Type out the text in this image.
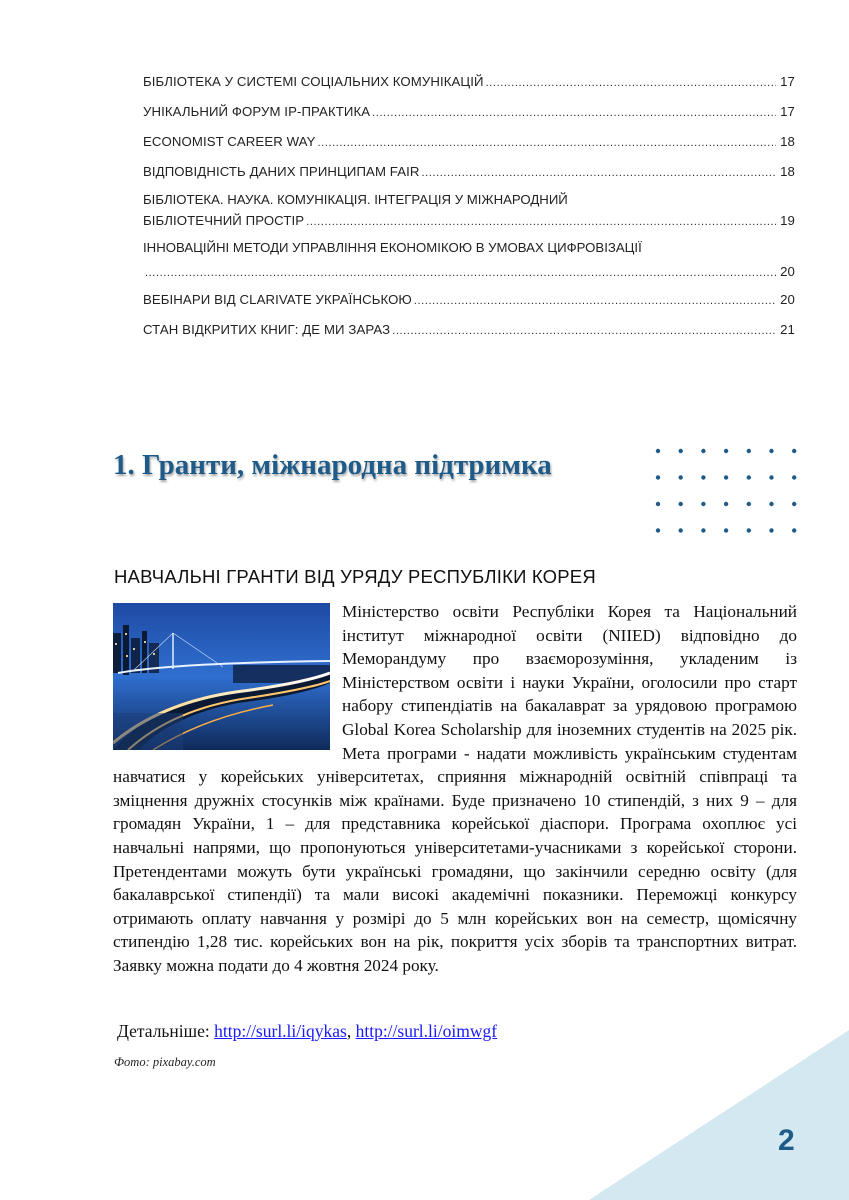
БІБЛІОТЕКА У СИСТЕМІ СОЦІАЛЬНИХ КОМУНІКАЦІЙ .....	17
УНІКАЛЬНИЙ ФОРУМ ІР-ПРАКТИКА .....	17
ECONOMIST CAREER WAY .....	18
ВІДПОВІДНІСТЬ ДАНИХ ПРИНЦИПАМ FAIR .....	18
БІБЛІОТЕКА. НАУКА. КОМУНІКАЦІЯ. ІНТЕГРАЦІЯ У МІЖНАРОДНИЙ
БІБЛІОТЕЧНИЙ ПРОСТІР .....	19
ІННОВАЦІЙНІ МЕТОДИ УПРАВЛІННЯ ЕКОНОМІКОЮ В УМОВАХ ЦИФРОВІЗАЦІЇ
.....
20
ВЕБІНАРИ ВІД CLARIVATE УКРАЇНСЬКОЮ .....	20
СТАН ВІДКРИТИХ КНИГ: ДЕ МИ ЗАРАЗ .....	21
1. Гранти, міжнародна підтримка
НАВЧАЛЬНІ ГРАНТИ ВІД УРЯДУ РЕСПУБЛІКИ КОРЕЯ
Міністерство освіти Республіки Корея та Національний інститут міжнародної освіти (NIIED) відповідно до Меморандуму про взаєморозуміння, укладеним із Міністерством освіти і науки України, оголосили про старт набору стипендіатів на бакалаврат за урядовою програмою Global Korea Scholarship для іноземних студентів на 2025 рік. Мета програми - надати можливість українським студентам навчатися у корейських університетах, сприяння міжнародній освітній співпраці та зміцнення дружніх стосунків між країнами. Буде призначено 10 стипендій, з них 9 – для громадян України, 1 – для представника корейської діаспори. Програма охоплює усі навчальні напрями, що пропонуються університетами-учасниками з корейської сторони. Претендентами можуть бути українські громадяни, що закінчили середню освіту (для бакалаврської стипендії) та мали високі академічні показники. Переможці конкурсу отримають оплату навчання у розмірі до 5 млн корейських вон на семестр, щомісячну стипендію 1,28 тис. корейських вон на рік, покриття усіх зборів та транспортних витрат. Заявку можна подати до 4 жовтня 2024 року.
Детальніше: http://surl.li/iqykas, http://surl.li/oimwgf
Фото: pixabay.com
2
